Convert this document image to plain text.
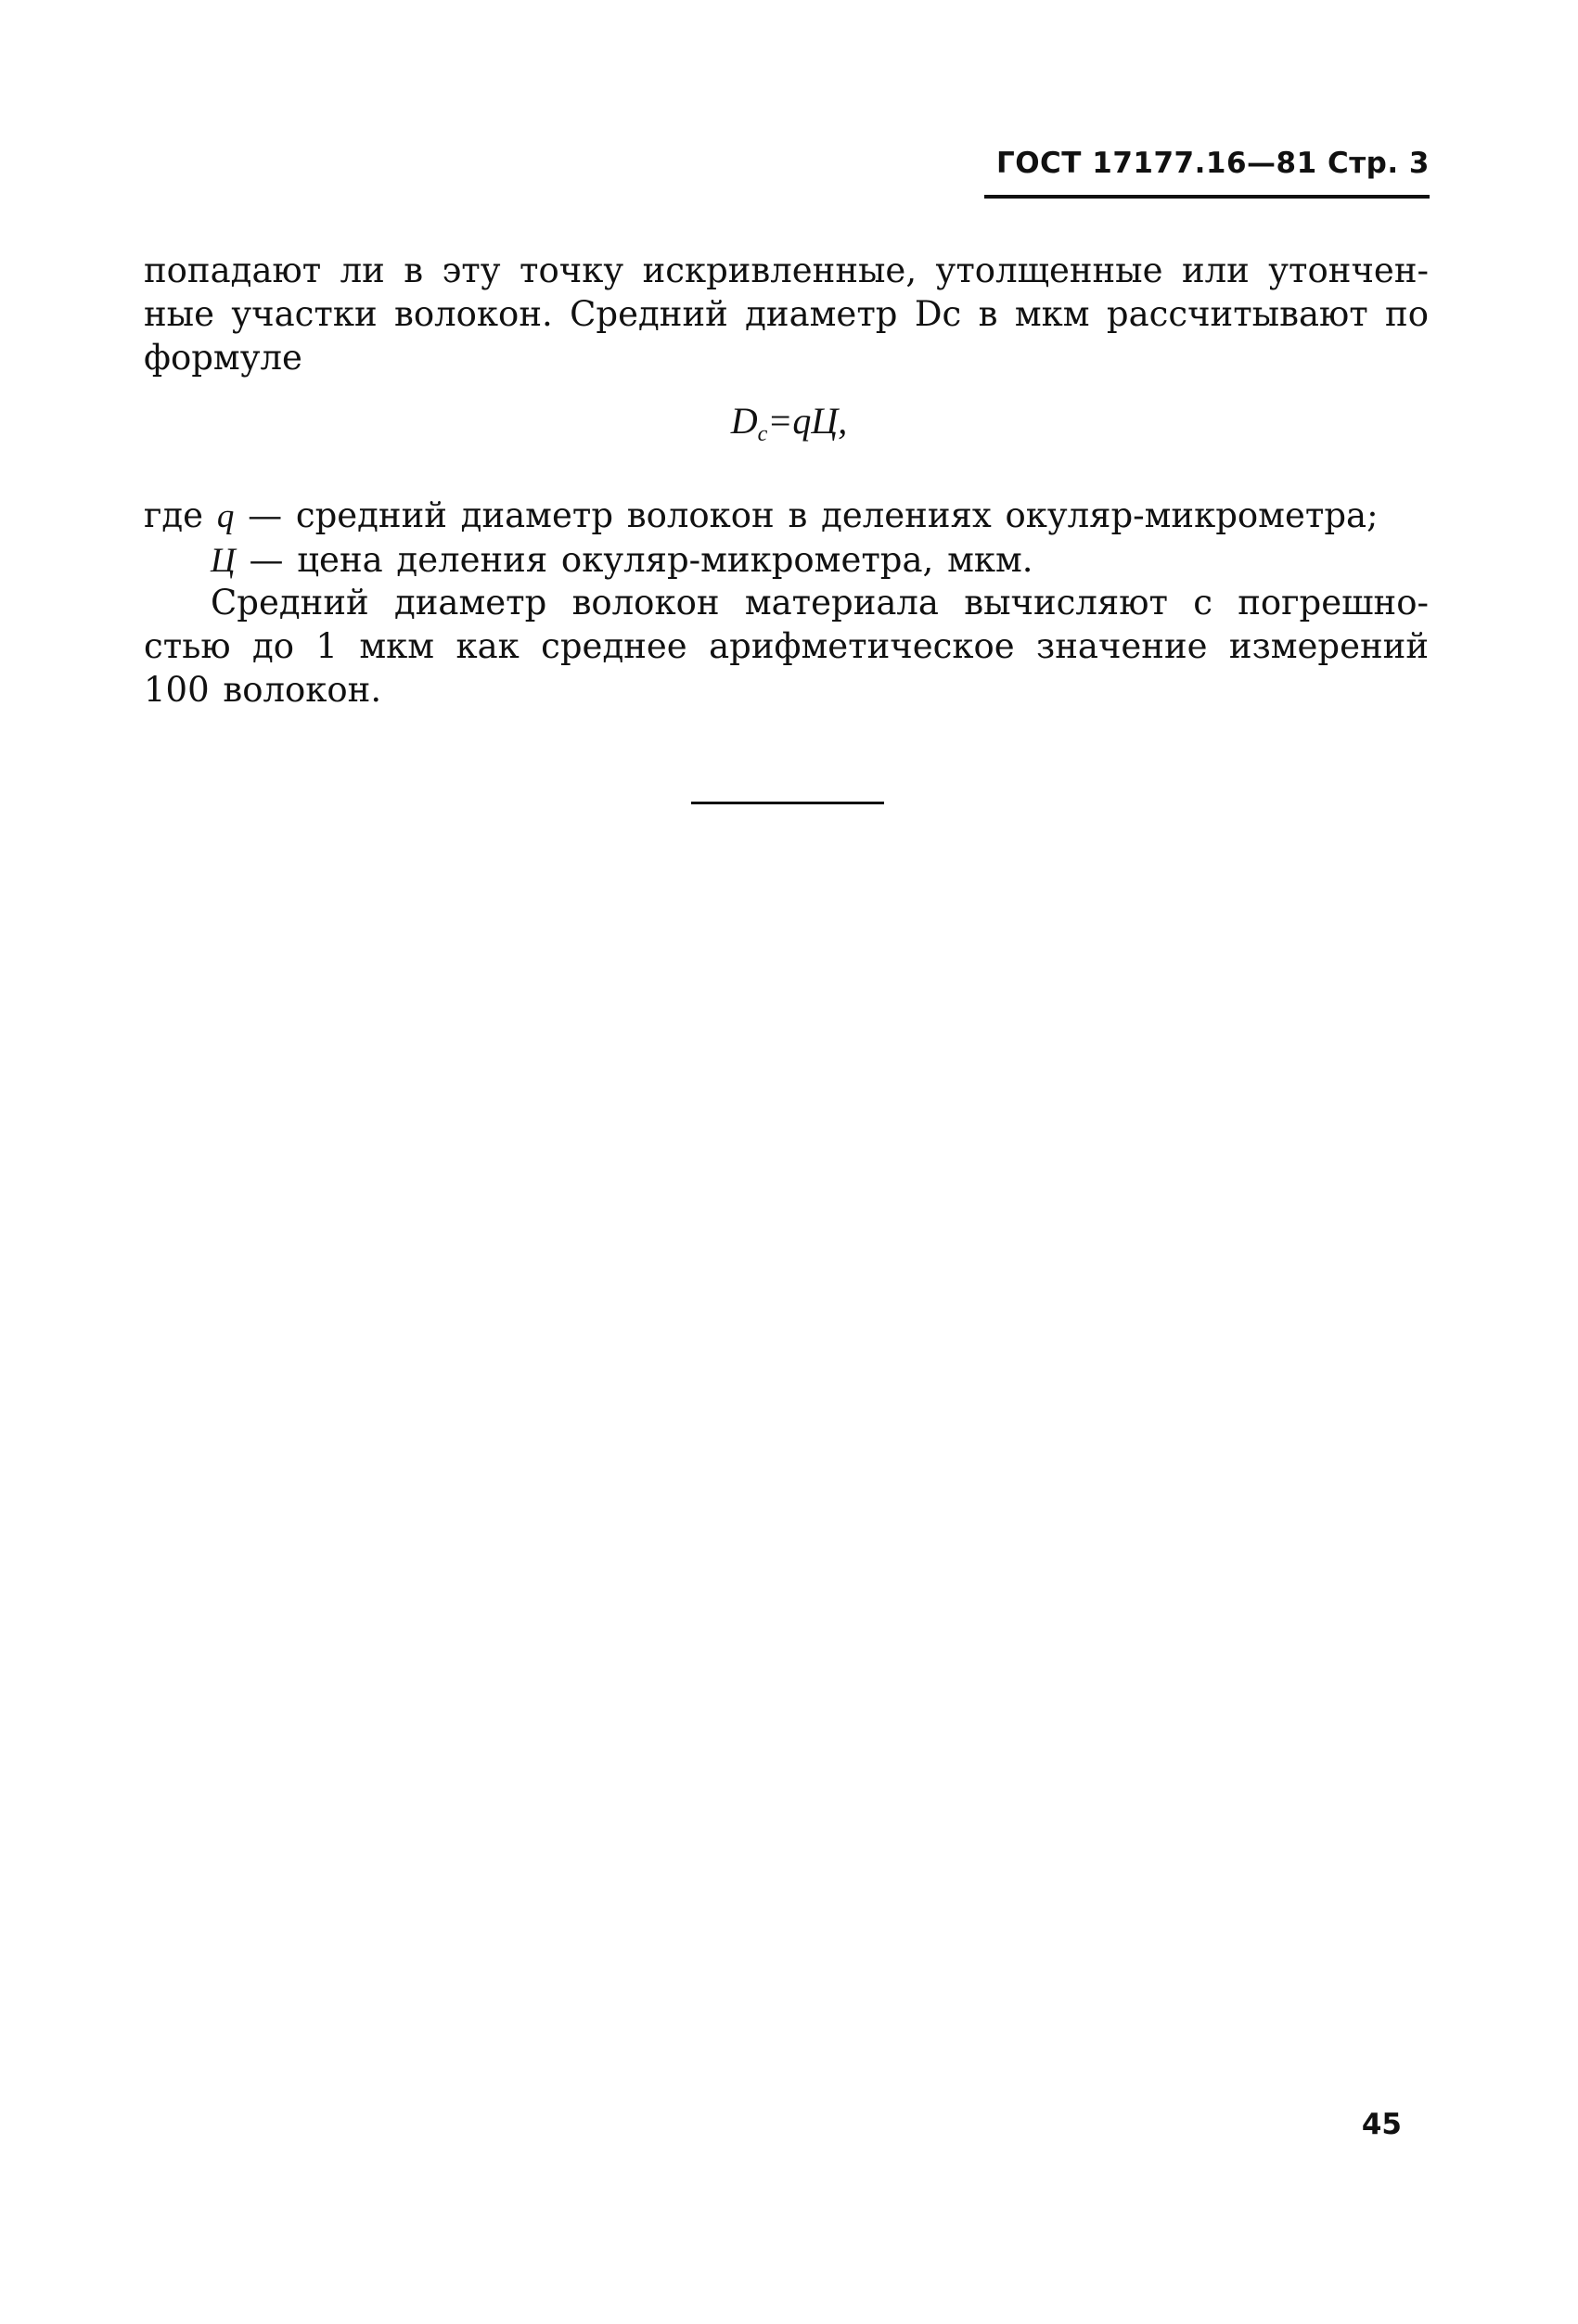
ГОСТ 17177.16—81 Стр. 3

попадают ли в эту точку искривленные, утолщенные или утонченные участки волокон. Средний диаметр Dc в мкм рассчитывают по формуле

$D_c=qЦ$,
где q — средний диаметр волокон в делениях окуляр-микрометра;
Ц — цена деления окуляр-микрометра, мкм.

Средний диаметр волокон материала вычисляют с погрешностью до 1 мкм как среднее арифметическое значение измерений 100 волокон.

45
